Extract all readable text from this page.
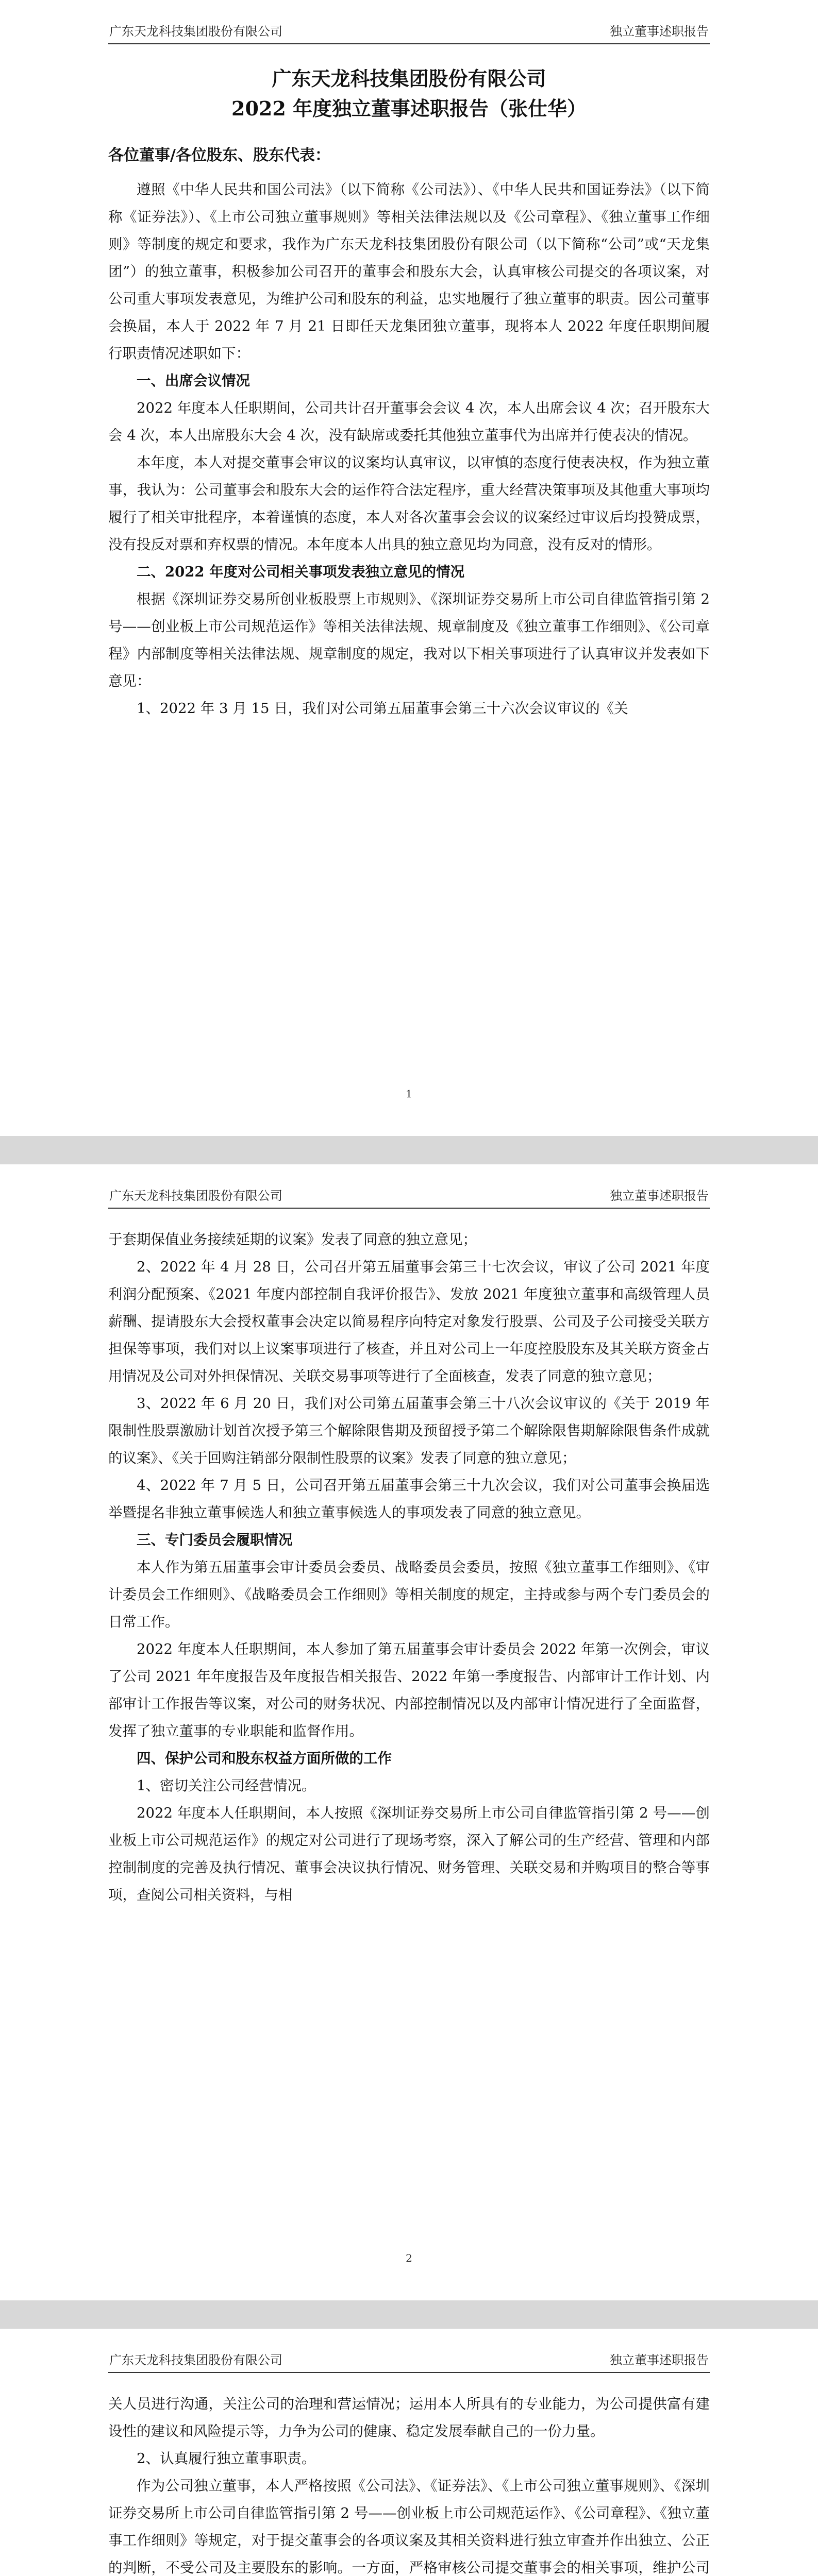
广东天龙科技集团股份有限公司	独立董事述职报告
广东天龙科技集团股份有限公司
2022 年度独立董事述职报告（张仕华）
各位董事/各位股东、股东代表：

遵照《中华人民共和国公司法》（以下简称《公司法》）、《中华人民共和国证券法》（以下简称《证券法》）、《上市公司独立董事规则》等相关法律法规以及《公司章程》、《独立董事工作细则》等制度的规定和要求，我作为广东天龙科技集团股份有限公司（以下简称“公司”或“天龙集团”）的独立董事，积极参加公司召开的董事会和股东大会，认真审核公司提交的各项议案，对公司重大事项发表意见，为维护公司和股东的利益，忠实地履行了独立董事的职责。因公司董事会换届，本人于 2022 年 7 月 21 日即任天龙集团独立董事，现将本人 2022 年度任职期间履行职责情况述职如下：

一、出席会议情况

2022 年度本人任职期间，公司共计召开董事会会议 4 次，本人出席会议 4 次；召开股东大会 4 次，本人出席股东大会 4 次，没有缺席或委托其他独立董事代为出席并行使表决的情况。

本年度，本人对提交董事会审议的议案均认真审议，以审慎的态度行使表决权，作为独立董事，我认为：公司董事会和股东大会的运作符合法定程序，重大经营决策事项及其他重大事项均履行了相关审批程序，本着谨慎的态度，本人对各次董事会会议的议案经过审议后均投赞成票，没有投反对票和弃权票的情况。本年度本人出具的独立意见均为同意，没有反对的情形。

二、2022 年度对公司相关事项发表独立意见的情况

根据《深圳证券交易所创业板股票上市规则》、《深圳证券交易所上市公司自律监管指引第 2 号——创业板上市公司规范运作》等相关法律法规、规章制度及《独立董事工作细则》、《公司章程》内部制度等相关法律法规、规章制度的规定，我对以下相关事项进行了认真审议并发表如下意见：

1、2022 年 3 月 15 日，我们对公司第五届董事会第三十六次会议审议的《关

1
广东天龙科技集团股份有限公司	独立董事述职报告

于套期保值业务接续延期的议案》发表了同意的独立意见；

2、2022 年 4 月 28 日，公司召开第五届董事会第三十七次会议，审议了公司 2021 年度利润分配预案、《2021 年度内部控制自我评价报告》、发放 2021 年度独立董事和高级管理人员薪酬、提请股东大会授权董事会决定以简易程序向特定对象发行股票、公司及子公司接受关联方担保等事项，我们对以上议案事项进行了核查，并且对公司上一年度控股股东及其关联方资金占用情况及公司对外担保情况、关联交易事项等进行了全面核查，发表了同意的独立意见；

3、2022 年 6 月 20 日，我们对公司第五届董事会第三十八次会议审议的《关于 2019 年限制性股票激励计划首次授予第三个解除限售期及预留授予第二个解除限售期解除限售条件成就的议案》、《关于回购注销部分限制性股票的议案》发表了同意的独立意见；

4、2022 年 7 月 5 日，公司召开第五届董事会第三十九次会议，我们对公司董事会换届选举暨提名非独立董事候选人和独立董事候选人的事项发表了同意的独立意见。

三、专门委员会履职情况

本人作为第五届董事会审计委员会委员、战略委员会委员，按照《独立董事工作细则》、《审计委员会工作细则》、《战略委员会工作细则》等相关制度的规定，主持或参与两个专门委员会的日常工作。

2022 年度本人任职期间，本人参加了第五届董事会审计委员会 2022 年第一次例会，审议了公司 2021 年年度报告及年度报告相关报告、2022 年第一季度报告、内部审计工作计划、内部审计工作报告等议案，对公司的财务状况、内部控制情况以及内部审计情况进行了全面监督，发挥了独立董事的专业职能和监督作用。

四、保护公司和股东权益方面所做的工作

1、密切关注公司经营情况。

2022 年度本人任职期间，本人按照《深圳证券交易所上市公司自律监管指引第 2 号——创业板上市公司规范运作》的规定对公司进行了现场考察，深入了解公司的生产经营、管理和内部控制制度的完善及执行情况、董事会决议执行情况、财务管理、关联交易和并购项目的整合等事项，查阅公司相关资料，与相

2
广东天龙科技集团股份有限公司	独立董事述职报告

关人员进行沟通，关注公司的治理和营运情况；运用本人所具有的专业能力，为公司提供富有建设性的建议和风险提示等，力争为公司的健康、稳定发展奉献自己的一份力量。

2、认真履行独立董事职责。

作为公司独立董事，本人严格按照《公司法》、《证券法》、《上市公司独立董事规则》、《深圳证券交易所上市公司自律监管指引第 2 号——创业板上市公司规范运作》、《公司章程》、《独立董事工作细则》等规定，对于提交董事会的各项议案及其相关资料进行独立审查并作出独立、公正的判断，不受公司及主要股东的影响。一方面，严格审核公司提交董事会的相关事项，维护公司
